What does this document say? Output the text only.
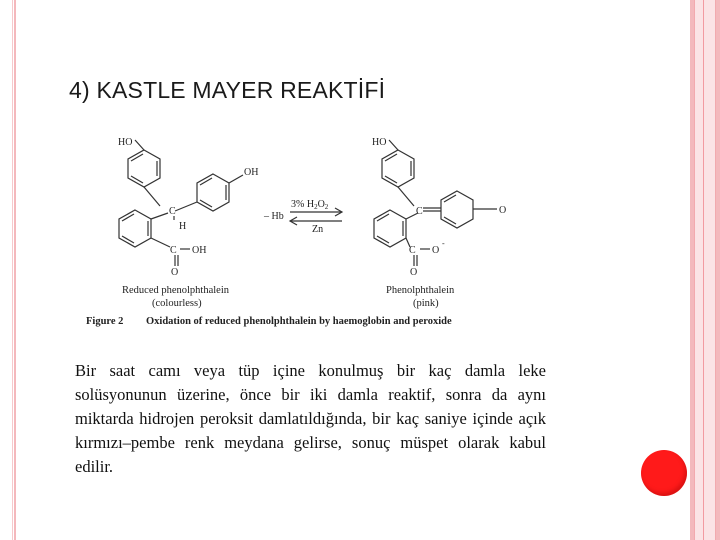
4) KASTLE MAYER REAKTİFİ
HO
OH
C
H
C OH
O
Reduced phenolphthalein
(colourless)
– Hb
3% $H_2O_2$
Zn
HO
C	O
C O
-
O
Phenolphthalein
(pink)
Figure 2 Oxidation of reduced phenolphthalein by haemoglobin and peroxide

Bir saat camı veya tüp içine konulmuş bir kaç damla leke solüsyonunun üzerine, önce bir iki damla reaktif, sonra da aynı miktarda hidrojen peroksit damlatıldığında, bir kaç saniye içinde açık kırmızı–pembe renk meydana gelirse, sonuç müspet olarak kabul edilir.
